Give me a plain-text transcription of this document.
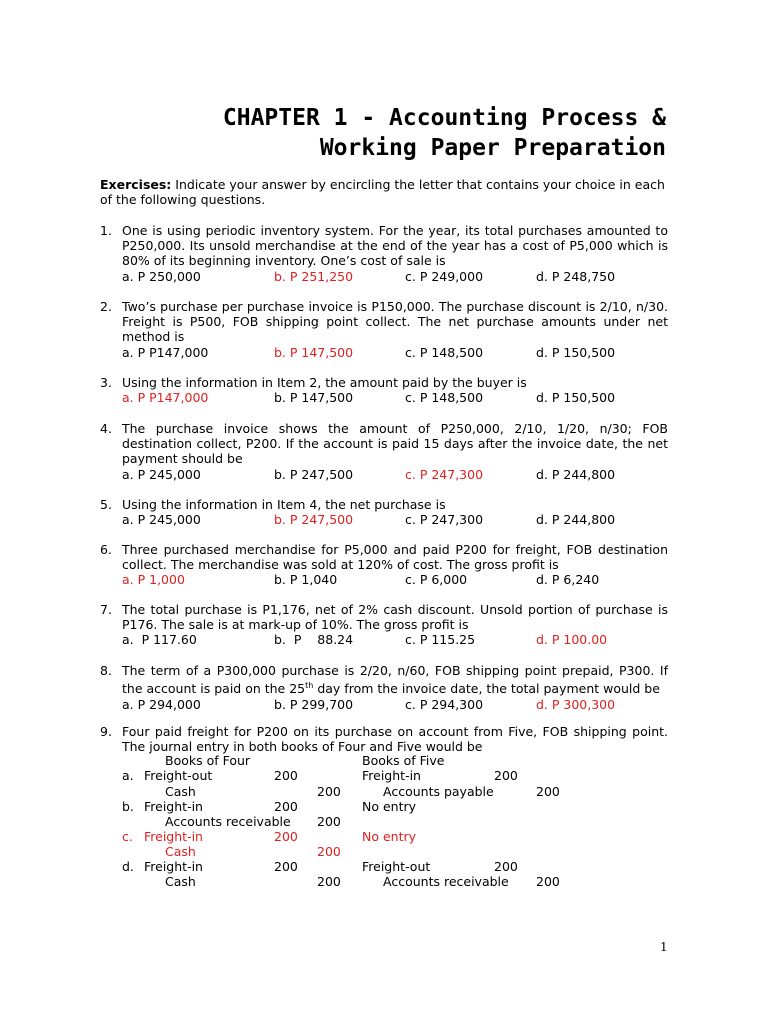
CHAPTER 1 - Accounting Process &
Working Paper Preparation
Exercises: Indicate your answer by encircling the letter that contains your choice in each of the following questions.
1. One is using periodic inventory system. For the year, its total purchases amounted to P250,000. Its unsold merchandise at the end of the year has a cost of P5,000 which is 80% of its beginning inventory. One’s cost of sale is
a. P 250,000	b. P 251,250	c. P 249,000	d. P 248,750
2. Two’s purchase per purchase invoice is P150,000. The purchase discount is 2/10, n/30. Freight is P500, FOB shipping point collect. The net purchase amounts under net method is
a. P P147,000	b. P 147,500	c. P 148,500	d. P 150,500
3. Using the information in Item 2, the amount paid by the buyer is
a. P P147,000	b. P 147,500	c. P 148,500	d. P 150,500
4. The purchase invoice shows the amount of P250,000, 2/10, 1/20, n/30; FOB destination collect, P200. If the account is paid 15 days after the invoice date, the net payment should be
a. P 245,000	b. P 247,500	c. P 247,300	d. P 244,800
5. Using the information in Item 4, the net purchase is
a. P 245,000	b. P 247,500	c. P 247,300	d. P 244,800
6. Three purchased merchandise for P5,000 and paid P200 for freight, FOB destination collect. The merchandise was sold at 120% of cost. The gross profit is
a. P 1,000	b. P 1,040	c. P 6,000	d. P 6,240
7. The total purchase is P1,176, net of 2% cash discount. Unsold portion of purchase is P176. The sale is at mark-up of 10%. The gross profit is
a.  P 117.60	b.  P    88.24	c. P 115.25	d. P 100.00
8. The term of a P300,000 purchase is 2/20, n/60, FOB shipping point prepaid, P300. If the account is paid on the 25th day from the invoice date, the total payment would be
a. P 294,000	b. P 299,700	c. P 294,300	d. P 300,300
9. Four paid freight for P200 on its purchase on account from Five, FOB shipping point. The journal entry in both books of Four and Five would be
Books of Four	Books of Five
a. Freight-out	200	Freight-in	200
Cash	200	Accounts payable	200
b. Freight-in	200	No entry
Accounts receivable 200
c. Freight-in	200	No entry
Cash	200
d. Freight-in	200	Freight-out	200
Cash	200	Accounts receivable 200
1
